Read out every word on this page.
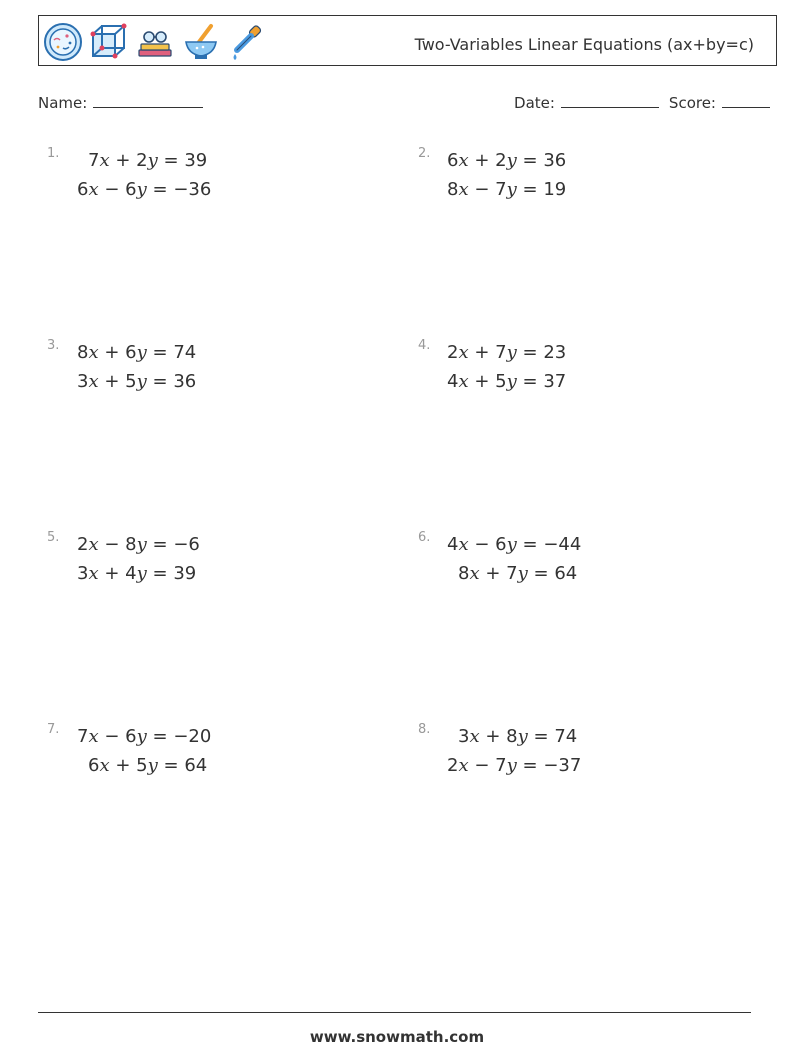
Two-Variables Linear Equations (ax+by=c)
Name:	Date:	Score:
1. 7x + 2y = 39
6x − 6y = −36
2. 6x + 2y = 36
8x − 7y = 19
3. 8x + 6y = 74
3x + 5y = 36
4. 2x + 7y = 23
4x + 5y = 37
5. 2x − 8y = −6
3x + 4y = 39
6. 4x − 6y = −44
8x + 7y = 64
7. 7x − 6y = −20
6x + 5y = 64
8. 3x + 8y = 74
2x − 7y = −37
www.snowmath.com
